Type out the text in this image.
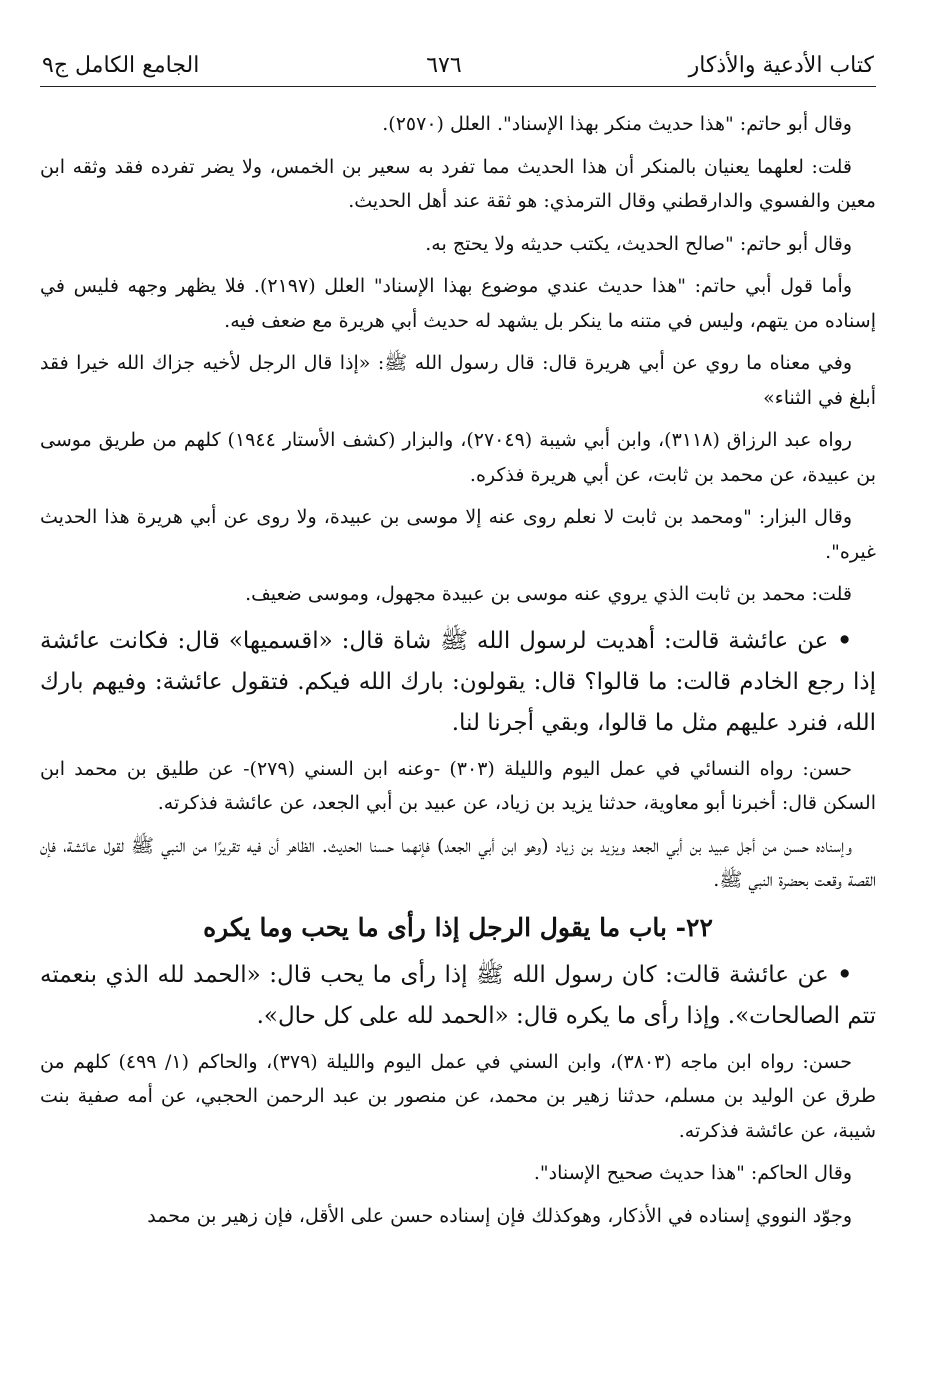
كتاب الأدعية والأذكار
٦٧٦
الجامع الكامل ج٩

وقال أبو حاتم: "هذا حديث منكر بهذا الإسناد". العلل (٢٥٧٠).

قلت: لعلهما يعنيان بالمنكر أن هذا الحديث مما تفرد به سعير بن الخمس، ولا يضر تفرده فقد وثقه ابن معين والفسوي والدارقطني وقال الترمذي: هو ثقة عند أهل الحديث.

وقال أبو حاتم: "صالح الحديث، يكتب حديثه ولا يحتج به.

وأما قول أبي حاتم: "هذا حديث عندي موضوع بهذا الإسناد" العلل (٢١٩٧). فلا يظهر وجهه فليس في إسناده من يتهم، وليس في متنه ما ينكر بل يشهد له حديث أبي هريرة مع ضعف فيه.

وفي معناه ما روي عن أبي هريرة قال: قال رسول الله ﷺ: «إذا قال الرجل لأخيه جزاك الله خيرا فقد أبلغ في الثناء»

رواه عبد الرزاق (٣١١٨)، وابن أبي شيبة (٢٧٠٤٩)، والبزار (كشف الأستار ١٩٤٤) كلهم من طريق موسى بن عبيدة، عن محمد بن ثابت، عن أبي هريرة فذكره.

وقال البزار: "ومحمد بن ثابت لا نعلم روى عنه إلا موسى بن عبيدة، ولا روى عن أبي هريرة هذا الحديث غيره".

قلت: محمد بن ثابت الذي يروي عنه موسى بن عبيدة مجهول، وموسى ضعيف.

• عن عائشة قالت: أهديت لرسول الله ﷺ شاة قال: «اقسميها» قال: فكانت عائشة إذا رجع الخادم قالت: ما قالوا؟ قال: يقولون: بارك الله فيكم. فتقول عائشة: وفيهم بارك الله، فنرد عليهم مثل ما قالوا، وبقي أجرنا لنا.

حسن: رواه النسائي في عمل اليوم والليلة (٣٠٣) -وعنه ابن السني (٢٧٩)- عن طليق بن محمد ابن السكن قال: أخبرنا أبو معاوية، حدثنا يزيد بن زياد، عن عبيد بن أبي الجعد، عن عائشة فذكرته.

وإسناده حسن من أجل عبيد بن أبي الجعد ويزيد بن زياد (وهو ابن أبي الجعد) فإنهما حسنا الحديث. الظاهر أن فيه تقريرًا من النبي ﷺ لقول عائشة، فإن القصة وقعت بحضرة النبي ﷺ.

٢٢- باب ما يقول الرجل إذا رأى ما يحب وما يكره

• عن عائشة قالت: كان رسول الله ﷺ إذا رأى ما يحب قال: «الحمد لله الذي بنعمته تتم الصالحات». وإذا رأى ما يكره قال: «الحمد لله على كل حال».

حسن: رواه ابن ماجه (٣٨٠٣)، وابن السني في عمل اليوم والليلة (٣٧٩)، والحاكم (١/ ٤٩٩) كلهم من طرق عن الوليد بن مسلم، حدثنا زهير بن محمد، عن منصور بن عبد الرحمن الحجبي، عن أمه صفية بنت شيبة، عن عائشة فذكرته.

وقال الحاكم: "هذا حديث صحيح الإسناد".

وجوّد النووي إسناده في الأذكار، وهوكذلك فإن إسناده حسن على الأقل، فإن زهير بن محمد
